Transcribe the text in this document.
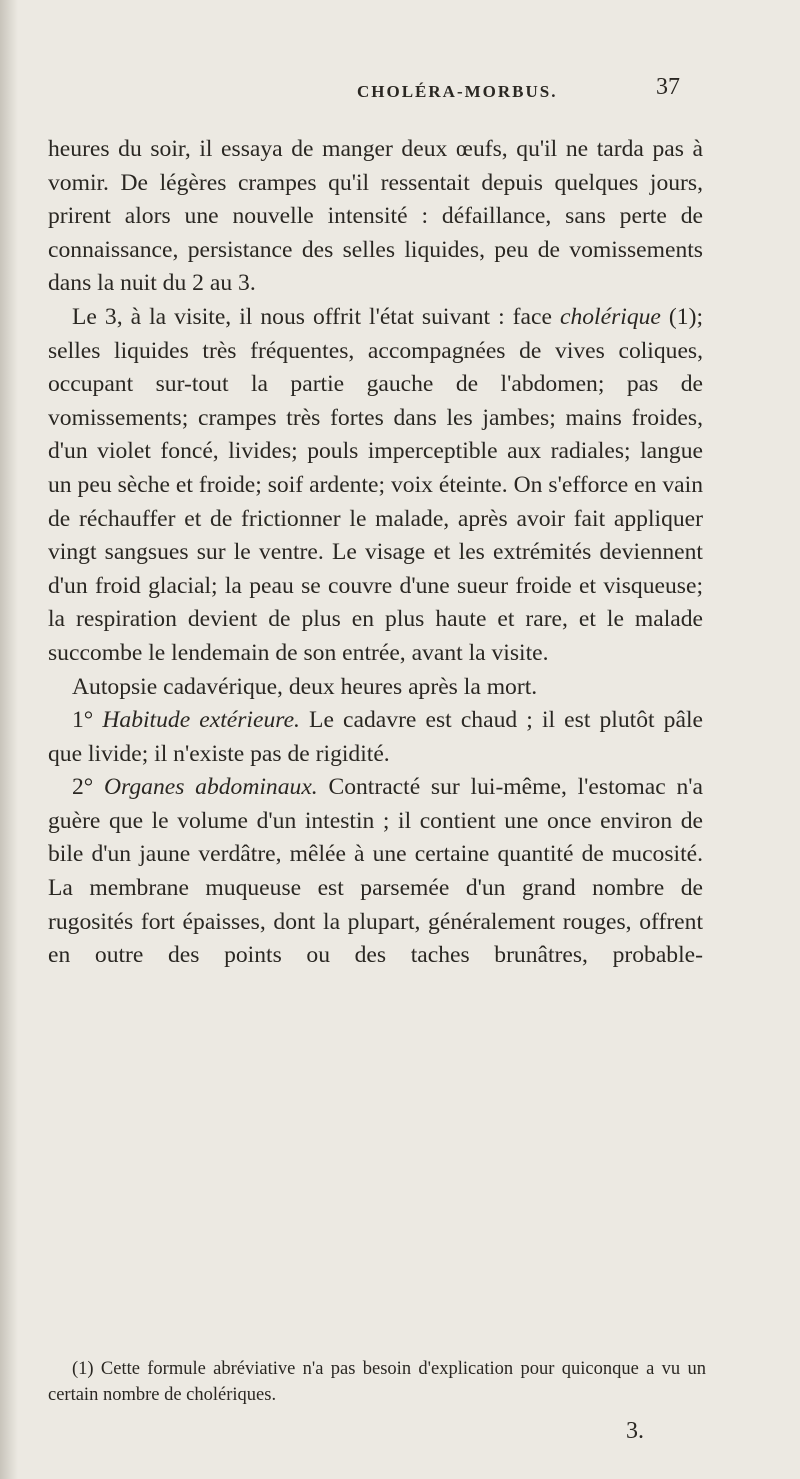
CHOLÉRA-MORBUS.	37

heures du soir, il essaya de manger deux œufs, qu'il ne tarda pas à vomir. De légères crampes qu'il ressentait depuis quelques jours, prirent alors une nouvelle intensité : défaillance, sans perte de connaissance, persistance des selles liquides, peu de vomissements dans la nuit du 2 au 3.

Le 3, à la visite, il nous offrit l'état suivant : face cholérique (1); selles liquides très fréquentes, accompagnées de vives coliques, occupant sur-tout la partie gauche de l'abdomen; pas de vomissements; crampes très fortes dans les jambes; mains froides, d'un violet foncé, livides; pouls imperceptible aux radiales; langue un peu sèche et froide; soif ardente; voix éteinte. On s'efforce en vain de réchauffer et de frictionner le malade, après avoir fait appliquer vingt sangsues sur le ventre. Le visage et les extrémités deviennent d'un froid glacial; la peau se couvre d'une sueur froide et visqueuse; la respiration devient de plus en plus haute et rare, et le malade succombe le lendemain de son entrée, avant la visite.

Autopsie cadavérique, deux heures après la mort.

1° Habitude extérieure. Le cadavre est chaud ; il est plutôt pâle que livide; il n'existe pas de rigidité.

2° Organes abdominaux. Contracté sur lui-même, l'estomac n'a guère que le volume d'un intestin ; il contient une once environ de bile d'un jaune verdâtre, mêlée à une certaine quantité de mucosité. La membrane muqueuse est parsemée d'un grand nombre de rugosités fort épaisses, dont la plupart, généralement rouges, offrent en outre des points ou des taches brunâtres, probable-

(1) Cette formule abréviative n'a pas besoin d'explication pour quiconque a vu un certain nombre de cholériques.

3.
